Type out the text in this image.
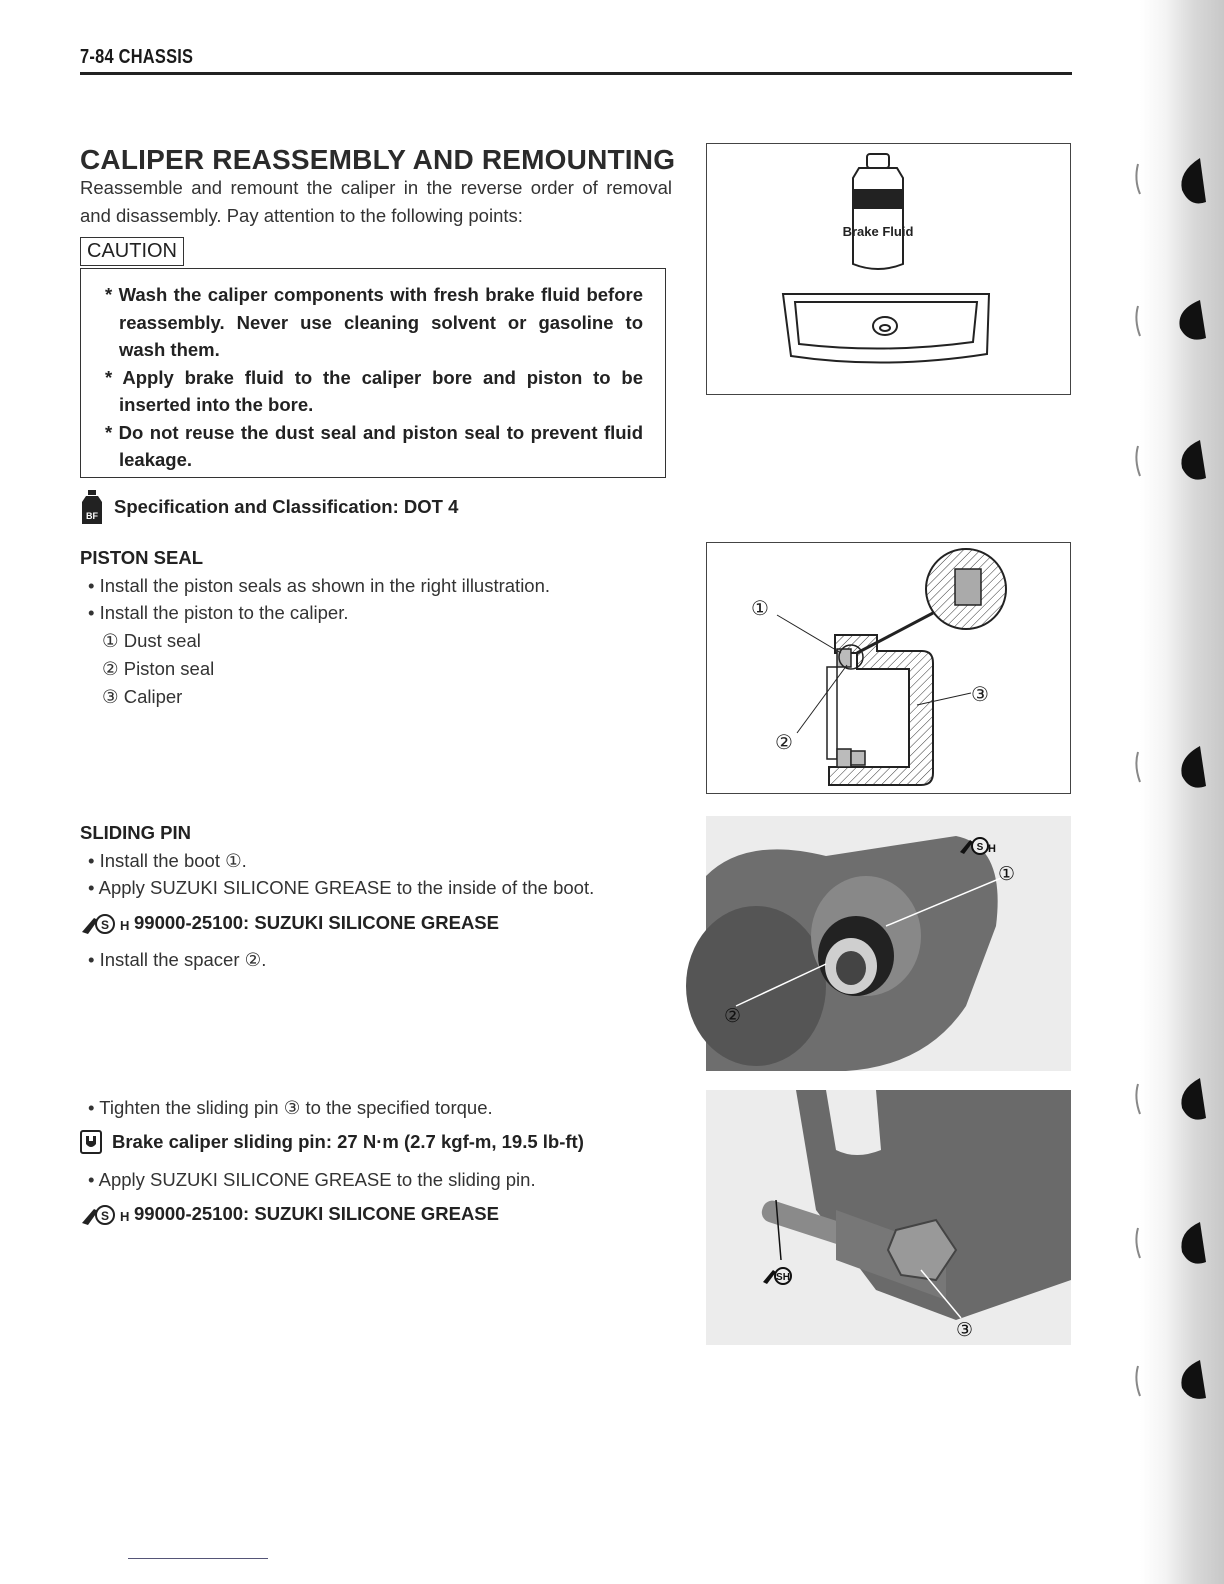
7-84 CHASSIS
CALIPER REASSEMBLY AND REMOUNTING
Reassemble and remount the caliper in the reverse order of removal and disassembly. Pay attention to the following points:
CAUTION
* Wash the caliper components with fresh brake fluid before reassembly. Never use cleaning solvent or gasoline to wash them.
* Apply brake fluid to the caliper bore and piston to be inserted into the bore.
* Do not reuse the dust seal and piston seal to prevent fluid leakage.
BF Specification and Classification: DOT 4
PISTON SEAL
• Install the piston seals as shown in the right illustration.
• Install the piston to the caliper.
① Dust seal
② Piston seal
③ Caliper
SLIDING PIN
• Install the boot ①.
• Apply SUZUKI SILICONE GREASE to the inside of the boot.
S H 99000-25100: SUZUKI SILICONE GREASE
• Install the spacer ②.
• Tighten the sliding pin ③ to the specified torque.
Brake caliper sliding pin: 27 N·m (2.7 kgf-m, 19.5 lb-ft)
• Apply SUZUKI SILICONE GREASE to the sliding pin.
S H 99000-25100: SUZUKI SILICONE GREASE
Brake Fluid
①
②
③
S H
①
②
SH
③
